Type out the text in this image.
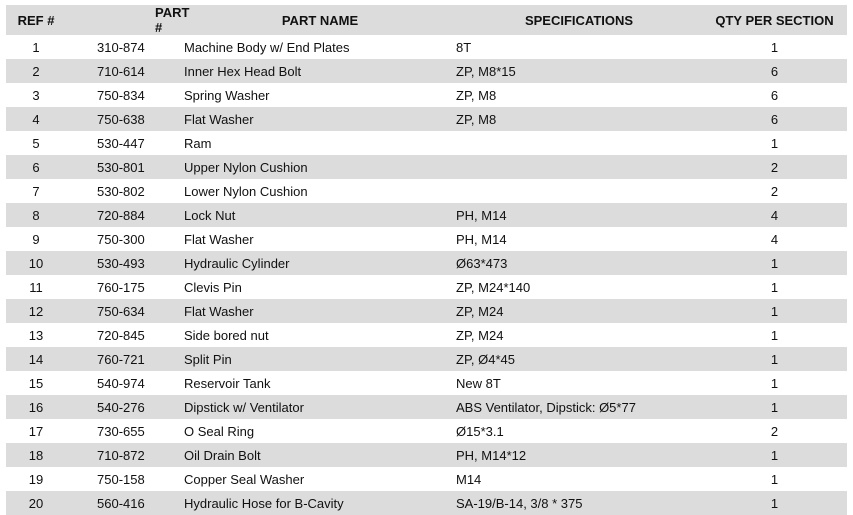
REF #	PART #	PART NAME	SPECIFICATIONS	QTY PER SECTION
1	310-874	Machine Body w/ End Plates	8T	1
2	710-614	Inner Hex Head Bolt	ZP, M8*15	6
3	750-834	Spring Washer	ZP, M8	6
4	750-638	Flat Washer	ZP, M8	6
5	530-447	Ram		1
6	530-801	Upper Nylon Cushion		2
7	530-802	Lower Nylon Cushion		2
8	720-884	Lock Nut	PH, M14	4
9	750-300	Flat Washer	PH, M14	4
10	530-493	Hydraulic Cylinder	Ø63*473	1
11	760-175	Clevis Pin	ZP, M24*140	1
12	750-634	Flat Washer	ZP, M24	1
13	720-845	Side bored nut	ZP, M24	1
14	760-721	Split Pin	ZP, Ø4*45	1
15	540-974	Reservoir Tank	New 8T	1
16	540-276	Dipstick w/ Ventilator	ABS Ventilator, Dipstick: Ø5*77	1
17	730-655	O Seal Ring	Ø15*3.1	2
18	710-872	Oil Drain Bolt	PH, M14*12	1
19	750-158	Copper Seal Washer	M14	1
20	560-416	Hydraulic Hose for B-Cavity	SA-19/B-14, 3/8 * 375	1
